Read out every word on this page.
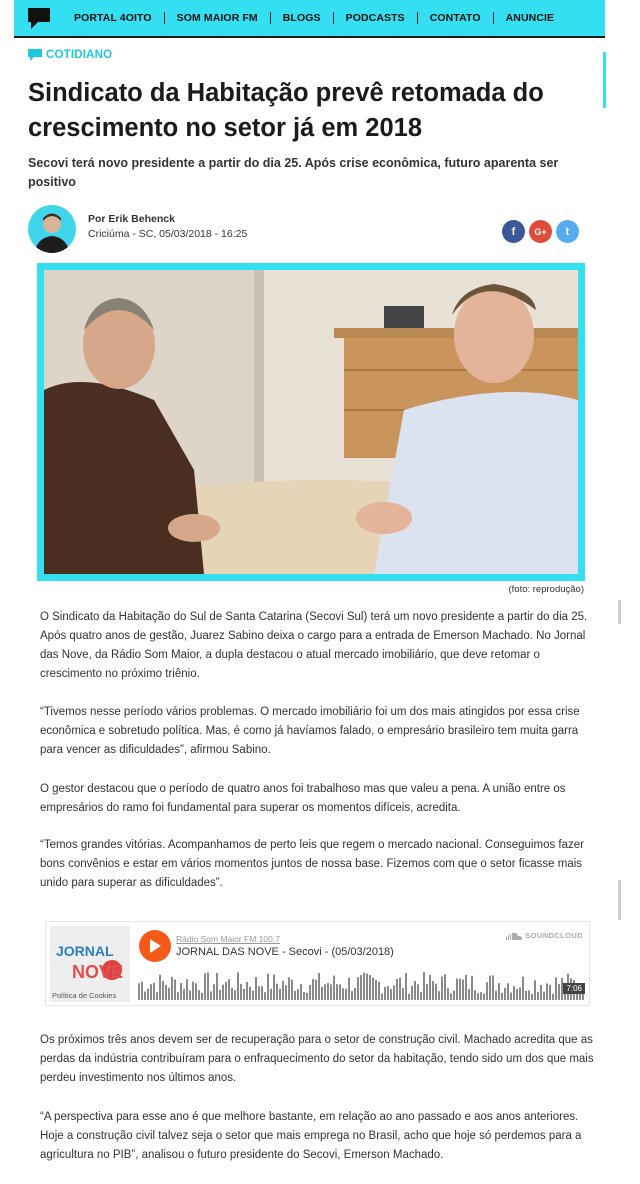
PORTAL 4OITO	SOM MAIOR FM	BLOGS	PODCASTS	CONTATO	ANUNCIE
COTIDIANO
Sindicato da Habitação prevê retomada do crescimento no setor já em 2018

Secovi terá novo presidente a partir do dia 25. Após crise econômica, futuro aparenta ser positivo

Por Erik Behenck
Criciúma - SC, 05/03/2018 - 16:25	f G+ t
(foto: reprodução)

O Sindicato da Habitação do Sul de Santa Catarina (Secovi Sul) terá um novo presidente a partir do dia 25. Após quatro anos de gestão, Juarez Sabino deixa o cargo para a entrada de Emerson Machado. No Jornal das Nove, da Rádio Som Maior, a dupla destacou o atual mercado imobiliário, que deve retomar o crescimento no próximo triênio.

“Tivemos nesse período vários problemas. O mercado imobiliário foi um dos mais atingidos por essa crise econômica e sobretudo política. Mas, é como já havíamos falado, o empresário brasileiro tem muita garra para vencer as dificuldades”, afirmou Sabino.

O gestor destacou que o período de quatro anos foi trabalhoso mas que valeu a pena. A união entre os empresários do ramo foi fundamental para superar os momentos difíceis, acredita.

“Temos grandes vitórias. Acompanhamos de perto leis que regem o mercado nacional. Conseguimos fazer bons convênios e estar em vários momentos juntos de nossa base. Fizemos com que o setor ficasse mais unido para superar as dificuldades”.

JORNAL
NOVE
Política de Cookies
Rádio Som Maior FM 100,7
JORNAL DAS NOVE - Secovi - (05/03/2018)
SOUNDCLOUD
7:06

Os próximos três anos devem ser de recuperação para o setor de construção civil. Machado acredita que as perdas da indústria contribuíram para o enfraquecimento do setor da habitação, tendo sido um dos que mais perdeu investimento nos últimos anos.

“A perspectiva para esse ano é que melhore bastante, em relação ao ano passado e aos anos anteriores. Hoje a construção civil talvez seja o setor que mais emprega no Brasil, acho que hoje só perdemos para a agricultura no PIB”, analisou o futuro presidente do Secovi, Emerson Machado.
